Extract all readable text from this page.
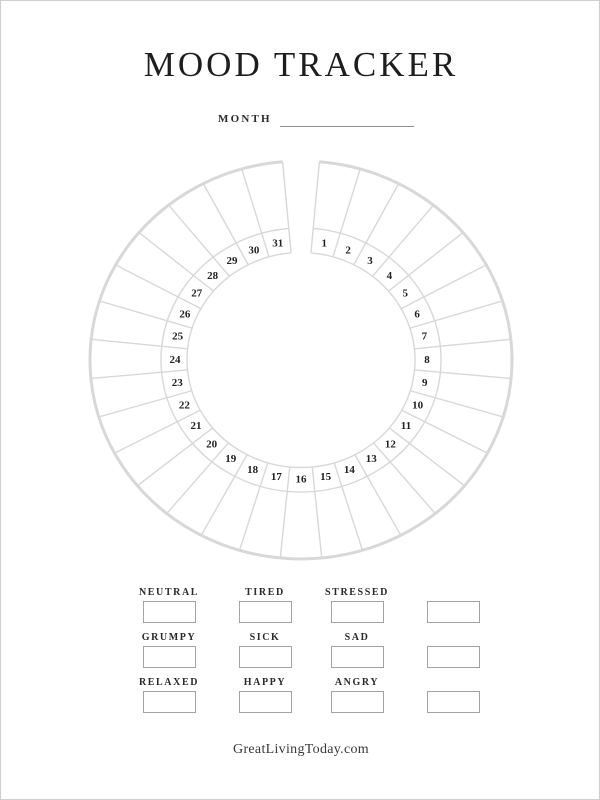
MOOD TRACKER
MONTH
1
2
3
4
5
6
7
8
9
10
11
12
13
14
15
16
17
18
19
20
21
22
23
24
25
26
27
28
29
30
31
NEUTRAL	TIRED	STRESSED
GRUMPY	SICK	SAD
RELAXED	HAPPY	ANGRY
GreatLivingToday.com
